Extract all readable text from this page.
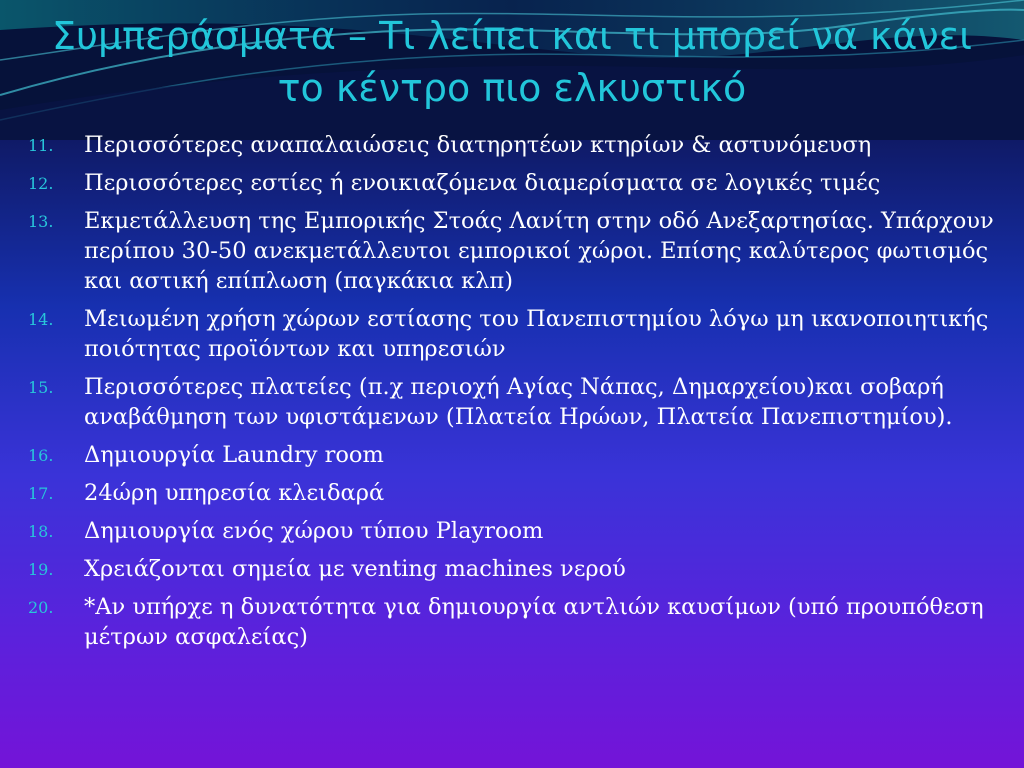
Συμπεράσματα – Τι λείπει και τι μπορεί να κάνει
το κέντρο πιο ελκυστικό
11.	Περισσότερες αναπαλαιώσεις διατηρητέων κτηρίων & αστυνόμευση
12.	Περισσότερες εστίες ή ενοικιαζόμενα διαμερίσματα σε λογικές τιμές
13.	Εκμετάλλευση της Εμπορικής Στοάς Λανίτη στην οδό Ανεξαρτησίας. Υπάρχουν περίπου 30-50 ανεκμετάλλευτοι εμπορικοί χώροι. Επίσης καλύτερος φωτισμός και αστική επίπλωση (παγκάκια κλπ)
14.	Μειωμένη χρήση χώρων εστίασης του Πανεπιστημίου λόγω μη ικανοποιητικής ποιότητας προϊόντων και υπηρεσιών
15.	Περισσότερες πλατείες (π.χ περιοχή Αγίας Νάπας, Δημαρχείου)και σοβαρή αναβάθμηση των υφιστάμενων (Πλατεία Ηρώων, Πλατεία Πανεπιστημίου).
16.	Δημιουργία Laundry room
17.	24ώρη υπηρεσία κλειδαρά
18.	Δημιουργία ενός χώρου τύπου Playroom
19.	Χρειάζονται σημεία με venting machines νερού
20.	*Αν υπήρχε η δυνατότητα για δημιουργία αντλιών καυσίμων (υπό προυπόθεση μέτρων ασφαλείας)
